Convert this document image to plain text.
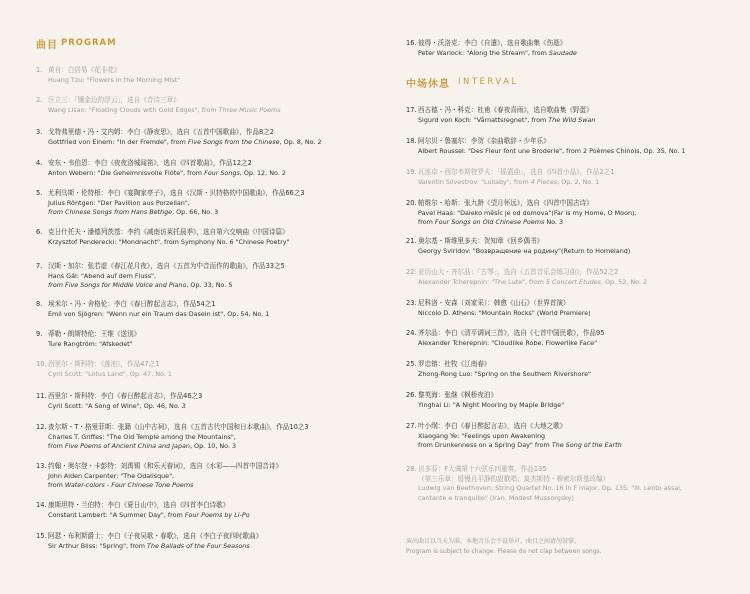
曲目 PROGRAM
1. 黄自：白居易《花非花》
Huang Tzu: "Flowers in the Morning Mist"
2. 汪立三：「镶金边的浮云」，选自《音诗三章》
Wang Lisan: "Floating Clouds with Gold Edges", from Three Music Poems
3. 戈特弗里德・冯・艾内姆：李白《静夜思》，选自《五首中国歌曲》，作品8之2
Gottfried von Einem: "In der Fremde", from Five Songs from the Chinese, Op. 8, No. 2
4. 安东・韦伯恩：李白《夜夜洛城闻笛》，选自《四首歌曲》，作品12之2
Anton Webern: "Die Geheimnisvolle Flöte", from Four Songs, Op. 12, No. 2
5. 尤利乌斯・伦特根：李白《宴陶家亭子》，选自《汉斯・贝特格的中国歌曲》，作品66之3
Julius Röntgen: "Der Pavillion aus Porzellan",
from Chinese Songs from Hans Bethge, Op. 66, No. 3
6. 克日什托夫・潘德列茨基：李约《减南访莱托晨季》，选自第六交响曲《中国诗篇》
Krzysztof Penderecki: "Mondnacht", from Symphony No. 6 "Chinese Poetry"
7. 汉斯・加尔：张若虚《春江花月夜》，选自《五首为中音而作的歌曲》，作品33之5
Hans Gál: "Abend auf dem Fluss",
from Five Songs for Middle Voice and Piano, Op. 33, No. 5
8. 埃米尔・冯・舍格伦：李白《春日醉起言志》，作品54之1
Emil von Sjögren: "Wenn nur ein Traum das Dasein ist", Op. 54, No. 1
9. 蒂勒・朗斯特伦：王维《送别》
Ture Rangtröm: "Afskedet"
10. 西里尔・斯科特：《莲池》，作品47之1
Cyril Scott: "Lotus Land", Op. 47, No. 1
11. 西里尔・斯科特：李白《春日醉起言志》，作品46之3
Cyril Scott: "A Song of Wine", Op. 46, No. 3
12. 查尔斯・T・格里菲斯：张籍《山中古祠》，选自《五首古代中国和日本歌曲》，作品10之3
Charles T. Griffes: "The Old Temple among the Mountains",
from Five Poems of Ancient China and Japan, Op. 10, No. 3
13. 约翰・奥尔登・卡彭特：刘禹锡《和乐天春词》，选自《水彩——四首中国音诗》
John Alden Carpenter: "The Odalisque",
from Water-colors - Four Chinese Tone Poems
14. 康斯坦特・兰伯特：李白《夏日山中》，选自《四首李白诗歌》
Constant Lambert: "A Summer Day", from Four Poems by Li-Po
15. 阿瑟・布利斯爵士：李白《子夜吴歌・春歌》，选自《李白子夜四时歌曲》
Sir Arthur Bliss: "Spring", from The Ballads of the Four Seasons
16. 彼得・沃洛克：李白《自遣》，选自歌曲集《伤逝》
Peter Warlock: "Along the Stream", from Saudade
中场休息 INTERVAL
17. 西古德・冯・科克：杜甫《春夜喜雨》，选自歌曲集《野蛋》
Sigurd von Koch: "Vårnattsregnet", from The Wild Swan
18. 阿尔贝・鲁塞尔：李贺《杂曲歌辞・少年乐》
Albert Roussel: "Des Fleur font une Broderie", from 2 Poèmes Chinois, Op. 35, No. 1
19. 瓦连京・西尔韦斯特罗夫：「摇篮曲」，选自《四首小品》，作品2之1
Valentin Silvestrov: "Lullaby", from 4 Pieces, Op. 2, No. 1
20. 帕维尔・哈斯：张九龄《望月怀远》，选自《四首中国古诗》
Pavel Haas: "Daleko měsíc je od domova"(Far is my Home, O Moon),
from Four Songs on Old Chinese Poems No. 3
21. 奥尔基・斯维里多夫：贺知章《回乡偶书》
Georgy Sviridov: "Возвращение на родину"(Return to Homeland)
22. 亚历山大・齐尔品：「古琴」，选自《五首音乐会练习曲》，作品52之2
Alexander Tcherepnin: "The Lute", from 5 Concert Etudes, Op. 52, No. 2
23. 尼科洛・安森（刘家采）：韩愈《山石》（世界首演）
Niccolo D. Athens: "Mountain Rocks" (World Premiere)
24. 齐尔品：李白《清平调词三首》，选自《七首中国民歌》，作品95
Alexander Tcherepnin: "Cloudlike Robe, Flowerlike Face"
25. 罗忠镕：杜牧《江南春》
Zhong-Rong Luo: "Spring on the Southern Rivershore"
26. 黎英海：张继《枫桥夜泊》
Yinghai Li: "A Night Mooring by Maple Bridge"
27. 叶小纲：李白《春日醉起言志》，选自《大地之歌》
Xiaogang Ye: "Feelings upon Awakening
from Drunkenness on a Spring Day" from The Song of the Earth
28. 贝多芬：F大调第十六弦乐四重奏，作品135
（第三乐章：缓慢且平静的甜歌唱；莫杰斯特・穆索尔斯基改编）
Ludwig van Beethoven: String Quartet No. 16 in F major, Op. 135: "III. Lento assai,
cantante e tranquillo" (Iran. Modest Mussorgsky)
演出曲目以当天为准，本地音乐会不设举声，曲目之间请勿鼓掌。
Program is subject to change. Please do not clap between songs.
